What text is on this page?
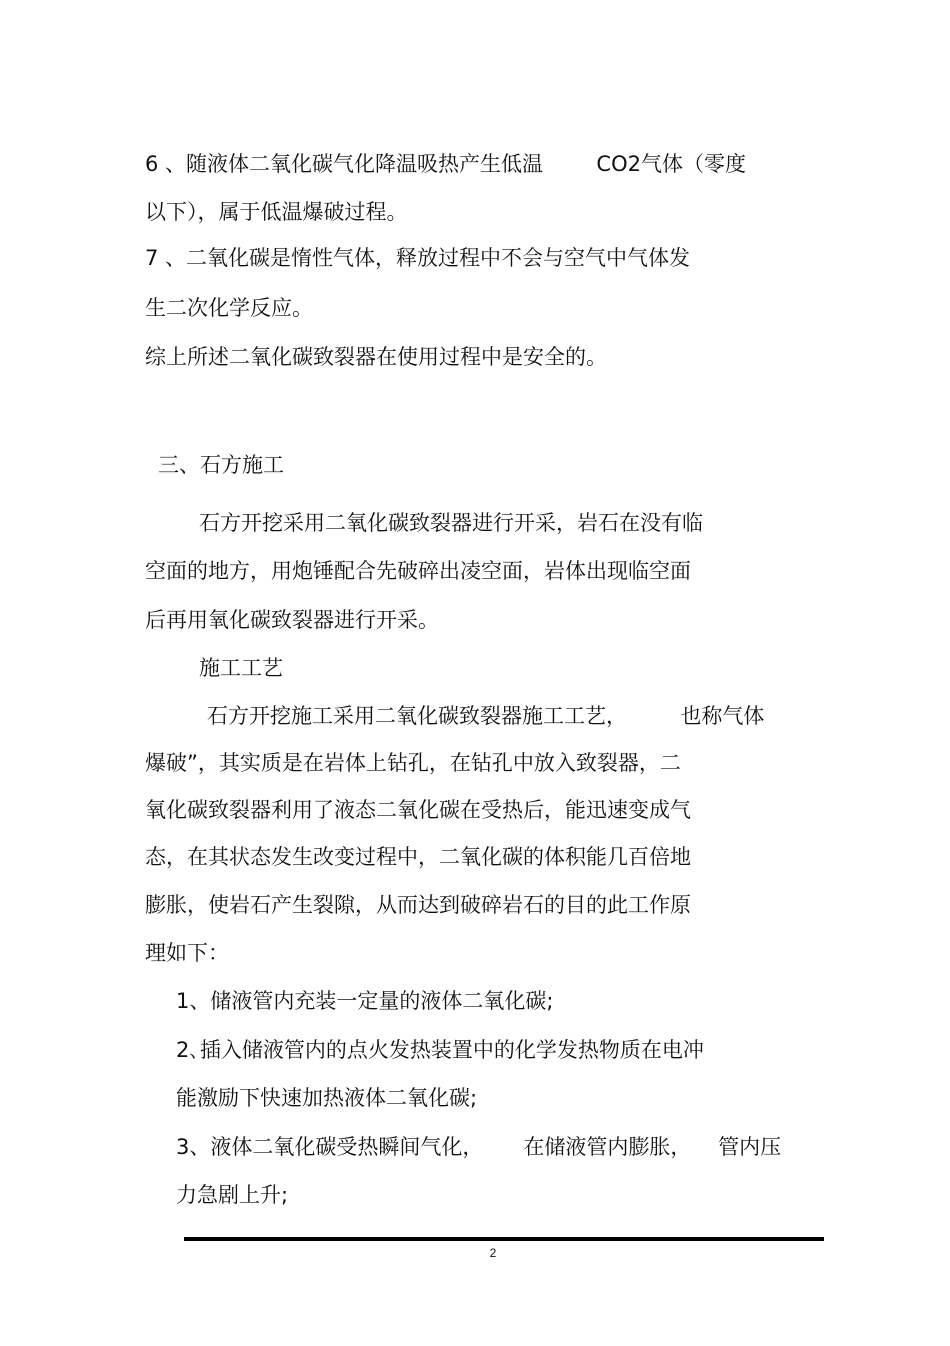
6 、随液体二氧化碳气化降温吸热产生低温        CO2气体（零度
以下），属于低温爆破过程。
7 、二氧化碳是惰性气体，释放过程中不会与空气中气体发
生二次化学反应。
综上所述二氧化碳致裂器在使用过程中是安全的。
三、石方施工
石方开挖采用二氧化碳致裂器进行开采，岩石在没有临
空面的地方，用炮锤配合先破碎出凌空面，岩体出现临空面
后再用氧化碳致裂器进行开采。
施工工艺
石方开挖施工采用二氧化碳致裂器施工工艺，        也称气体
爆破”，其实质是在岩体上钻孔，在钻孔中放入致裂器，二
氧化碳致裂器利用了液态二氧化碳在受热后，能迅速变成气
态，在其状态发生改变过程中，二氧化碳的体积能几百倍地
膨胀，使岩石产生裂隙，从而达到破碎岩石的目的此工作原
理如下：
1、储液管内充装一定量的液体二氧化碳;
2､插入储液管内的点火发热装置中的化学发热物质在电冲
能激励下快速加热液体二氧化碳;
3、液体二氧化碳受热瞬间气化，      在储液管内膨胀，    管内压
力急剧上升;
2
